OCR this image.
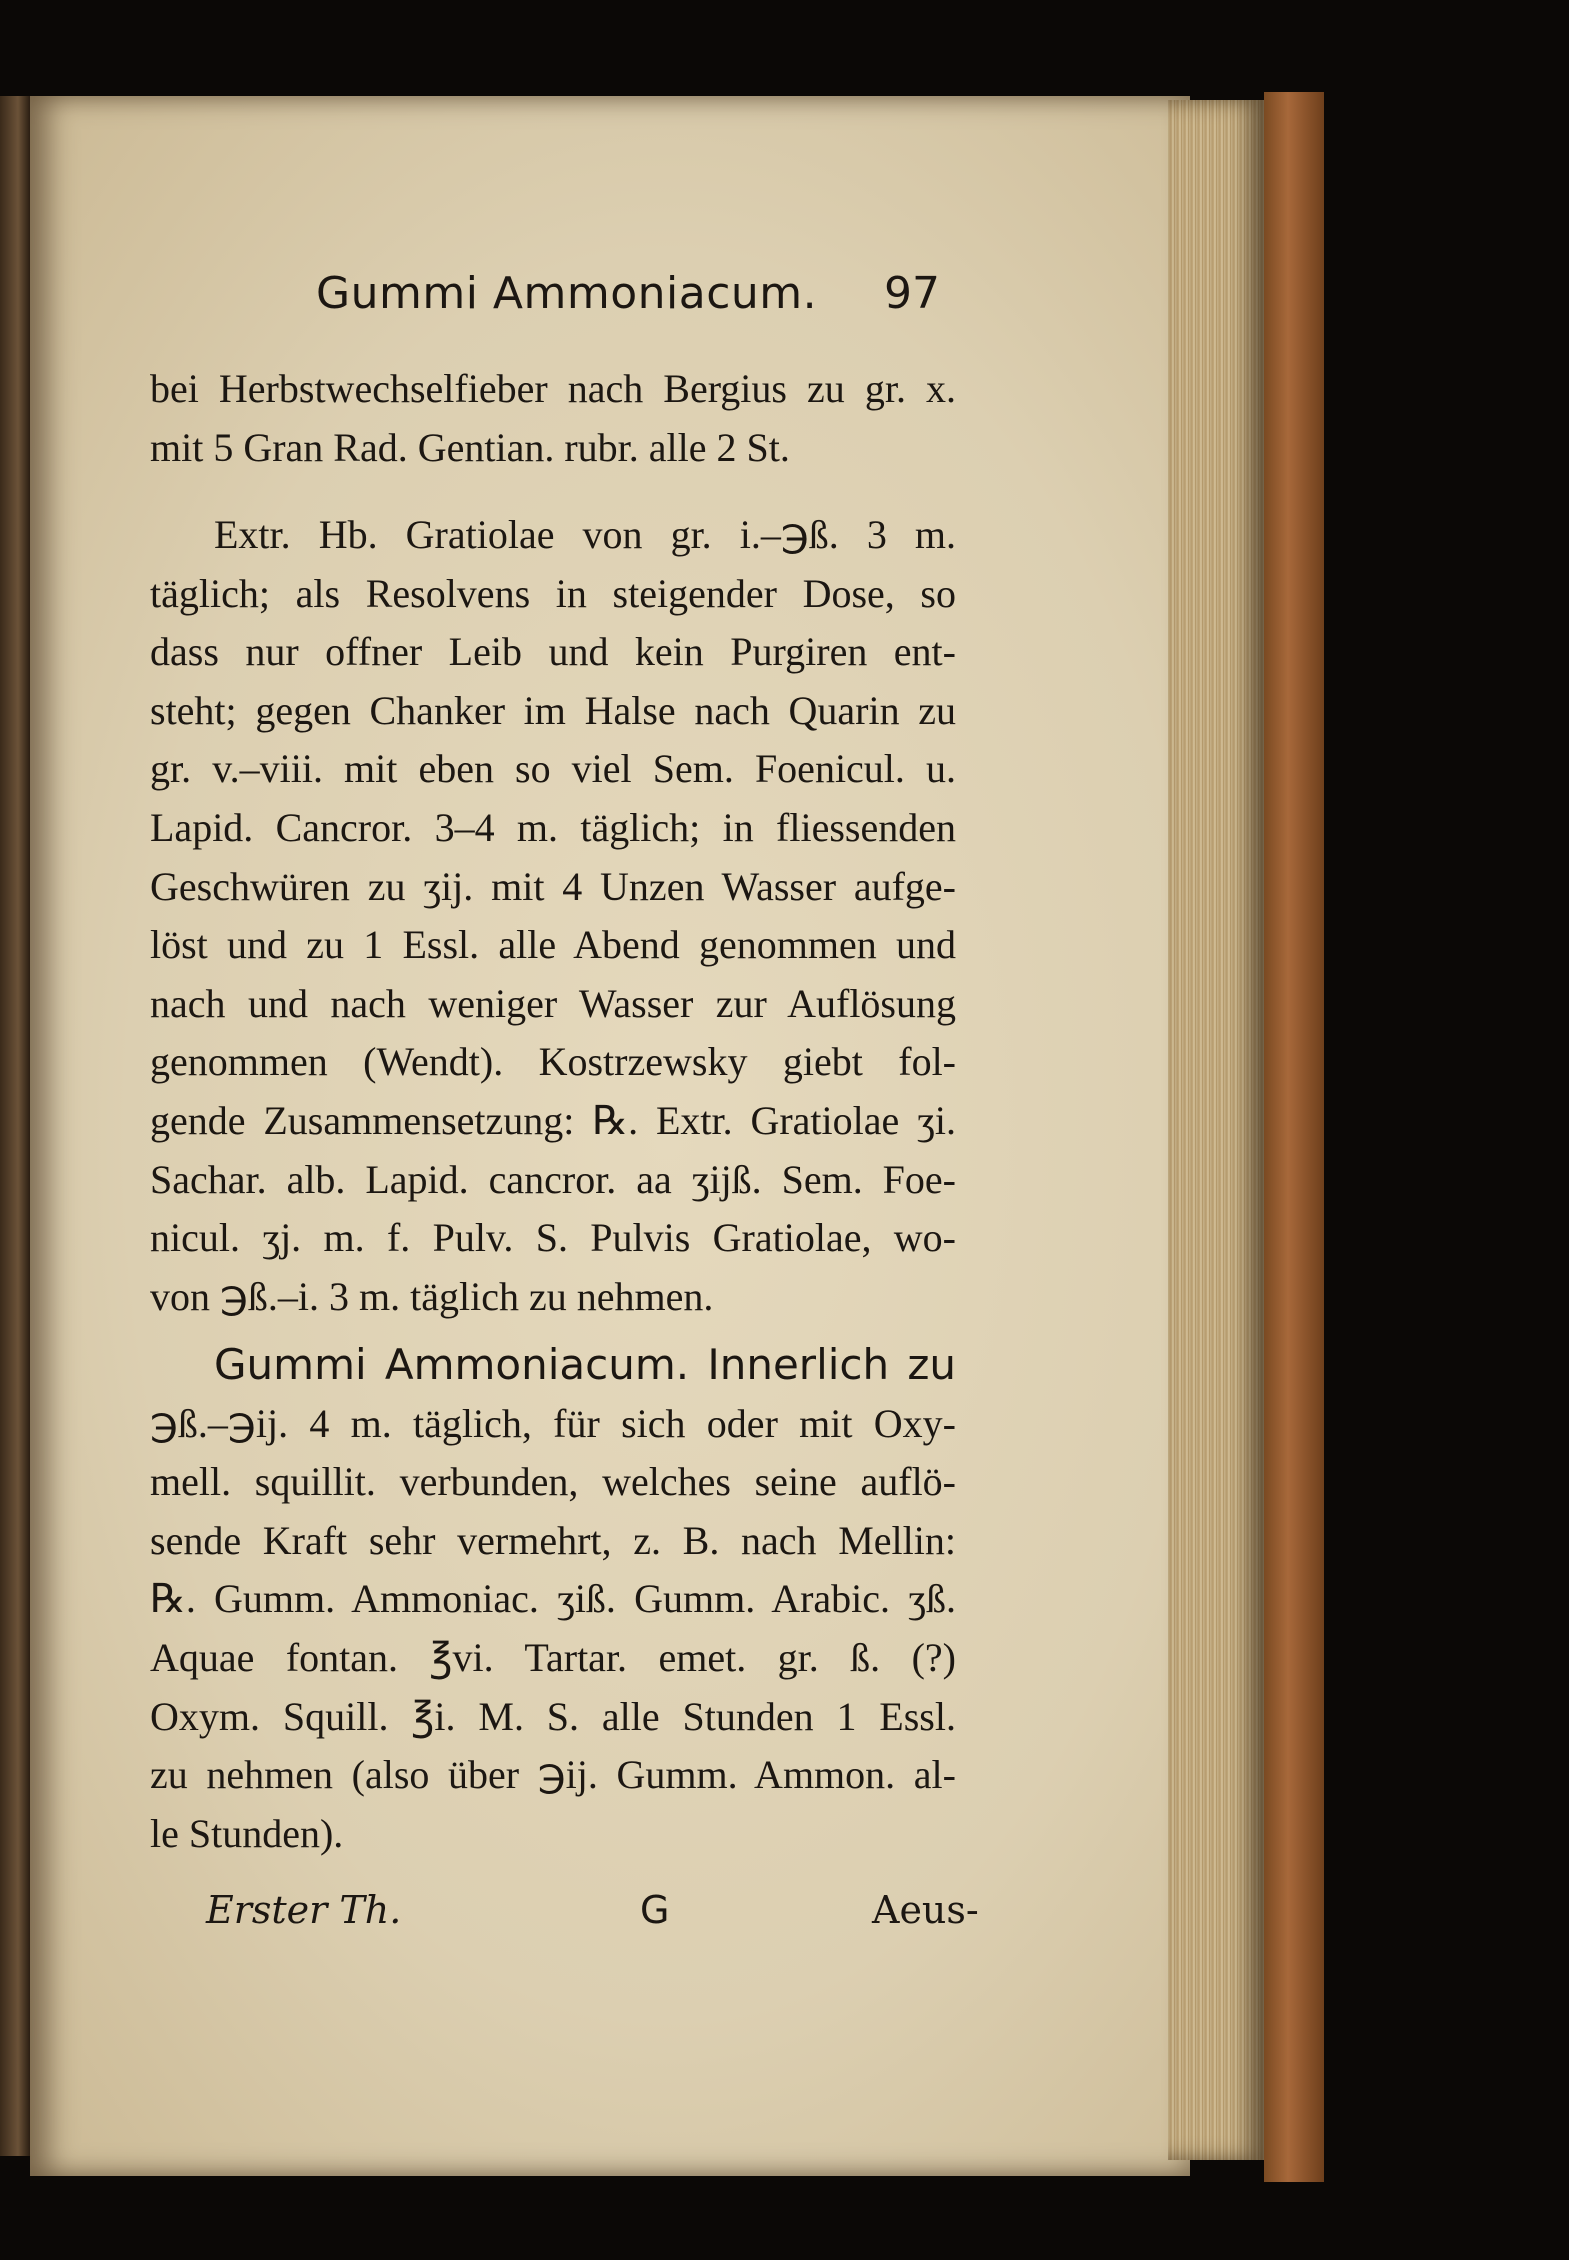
Gummi Ammoniacum. 97
bei Herbstwechselfieber nach Bergius zu gr. x.
mit 5 Gran Rad. Gentian. rubr. alle 2 St.
Extr. Hb. Gratiolae von gr. i.–℈ß. 3 m.
täglich; als Resolvens in steigender Dose, so
dass nur offner Leib und kein Purgiren ent-
steht; gegen Chanker im Halse nach Quarin zu
gr. v.–viii. mit eben so viel Sem. Foenicul. u.
Lapid. Cancror. 3–4 m. täglich; in fliessenden
Geschwüren zu ʒij. mit 4 Unzen Wasser aufge-
löst und zu 1 Essl. alle Abend genommen und
nach und nach weniger Wasser zur Auflösung
genommen (Wendt). Kostrzewsky giebt fol-
gende Zusammensetzung: ℞. Extr. Gratiolae ʒi.
Sachar. alb. Lapid. cancror. aa ʒijß. Sem. Foe-
nicul. ʒj. m. f. Pulv. S. Pulvis Gratiolae, wo-
von ℈ß.–i. 3 m. täglich zu nehmen.
Gummi Ammoniacum. Innerlich zu
℈ß.–℈ij. 4 m. täglich, für sich oder mit Oxy-
mell. squillit. verbunden, welches seine auflö-
sende Kraft sehr vermehrt, z. B. nach Mellin:
℞. Gumm. Ammoniac. ʒiß. Gumm. Arabic. ʒß.
Aquae fontan. ℥vi. Tartar. emet. gr. ß. (?)
Oxym. Squill. ℥i. M. S. alle Stunden 1 Essl.
zu nehmen (also über ℈ij. Gumm. Ammon. al-
le Stunden).
Erster Th.	G	Aeus-
